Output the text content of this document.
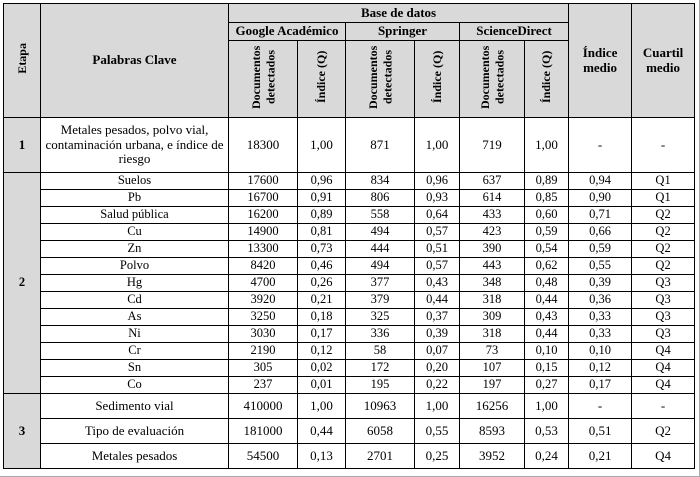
Etapa	Palabras Clave	Base de datos						Índice medio	Cuartil medio
		Google Académico		Springer		ScienceDirect			
		Documentos detectados	Índice (Q)	Documentos detectados	Índice (Q)	Documentos detectados	Índice (Q)		
1	Metales pesados, polvo vial, contaminación urbana, e índice de riesgo	18300	1,00	871	1,00	719	1,00	-	-
2	Suelos	17600	0,96	834	0,96	637	0,89	0,94	Q1
	Pb	16700	0,91	806	0,93	614	0,85	0,90	Q1
	Salud pública	16200	0,89	558	0,64	433	0,60	0,71	Q2
	Cu	14900	0,81	494	0,57	423	0,59	0,66	Q2
	Zn	13300	0,73	444	0,51	390	0,54	0,59	Q2
	Polvo	8420	0,46	494	0,57	443	0,62	0,55	Q2
	Hg	4700	0,26	377	0,43	348	0,48	0,39	Q3
	Cd	3920	0,21	379	0,44	318	0,44	0,36	Q3
	As	3250	0,18	325	0,37	309	0,43	0,33	Q3
	Ni	3030	0,17	336	0,39	318	0,44	0,33	Q3
	Cr	2190	0,12	58	0,07	73	0,10	0,10	Q4
	Sn	305	0,02	172	0,20	107	0,15	0,12	Q4
	Co	237	0,01	195	0,22	197	0,27	0,17	Q4
3	Sedimento vial	410000	1,00	10963	1,00	16256	1,00	-	-
	Tipo de evaluación	181000	0,44	6058	0,55	8593	0,53	0,51	Q2
	Metales pesados	54500	0,13	2701	0,25	3952	0,24	0,21	Q4
